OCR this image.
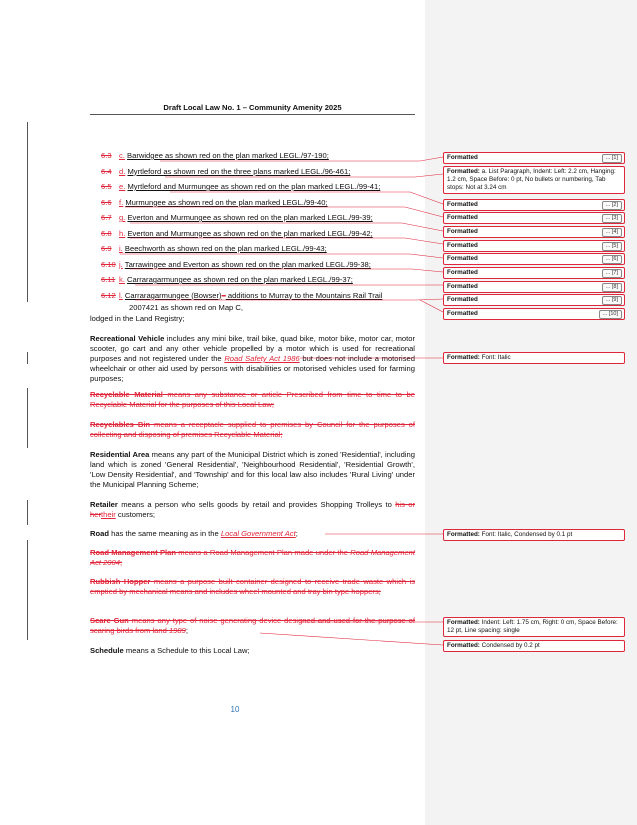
Draft Local Law No. 1 – Community Amenity 2025
6.3 c. Barwidgee as shown red on the plan marked LEGL./97-190;
6.4 d. Myrtleford as shown red on the three plans marked LEGL./96-461;
6.5 e. Myrtleford and Murmungee as shown red on the plan marked LEGL./99-41;
6.6 f. Murmungee as shown red on the plan marked LEGL./99-40;
6.7 g. Everton and Murmungee as shown red on the plan marked LEGL./99-39;
6.8 h. Everton and Murmungee as shown red on the plan marked LEGL./99-42;
6.9 i. Beechworth as shown red on the plan marked LEGL./99-43;
6.10 j. Tarrawingee and Everton as shown red on the plan marked LEGL./99-38;
6.11 k. Carraragarmungee as shown red on the plan marked LEGL./99-37;
6.12 l. Carraragarmungee (Bowser)– additions to Murray to the Mountains Rail Trail
2007421 as shown red on Map C,
lodged in the Land Registry;
Recreational Vehicle includes any mini bike, trail bike, quad bike, motor bike, motor car, motor scooter, go cart and any other vehicle propelled by a motor which is used for recreational purposes and not registered under the Road Safety Act 1986 but does not include a motorised wheelchair or other aid used by persons with disabilities or motorised vehicles used for farming purposes;
Recyclable Material means any substance or article Prescribed from time to time to be Recyclable Material for the purposes of this Local Law;
Recyclables Bin means a receptacle supplied to premises by Council for the purposes of collecting and disposing of premises Recyclable Material;
Residential Area means any part of the Municipal District which is zoned 'Residential', including land which is zoned 'General Residential', 'Neighbourhood Residential', 'Residential Growth', 'Low Density Residential', and 'Township' and for this local law also includes 'Rural Living' under the Municipal Planning Scheme;
Retailer means a person who sells goods by retail and provides Shopping Trolleys to his or hertheir customers;
Road has the same meaning as in the Local Government Act;
Road Management Plan means a Road Management Plan made under the Road Management Act 2004;
Rubbish Hopper means a purpose built container designed to receive trade waste which is emptied by mechanical means and includes wheel mounted and tray bin type hoppers;
Scare Gun means any type of noise generating device designed and used for the purpose of scaring birds from land 1989;
Schedule means a Schedule to this Local Law;
10
Formatted	... [1]
Formatted: a. List Paragraph, Indent: Left: 2.2 cm, Hanging: 1.2 cm, Space Before: 0 pt, No bullets or numbering, Tab stops: Not at 3.24 cm
Formatted	... [2]
Formatted	... [3]
Formatted	... [4]
Formatted	... [5]
Formatted	... [6]
Formatted	... [7]
Formatted	... [8]
Formatted	... [9]
Formatted	... [10]
Formatted: Font: Italic
Formatted: Font: Italic, Condensed by 0.1 pt
Formatted: Indent: Left: 1.75 cm, Right: 0 cm, Space Before: 12 pt, Line spacing: single
Formatted: Condensed by 0.2 pt
